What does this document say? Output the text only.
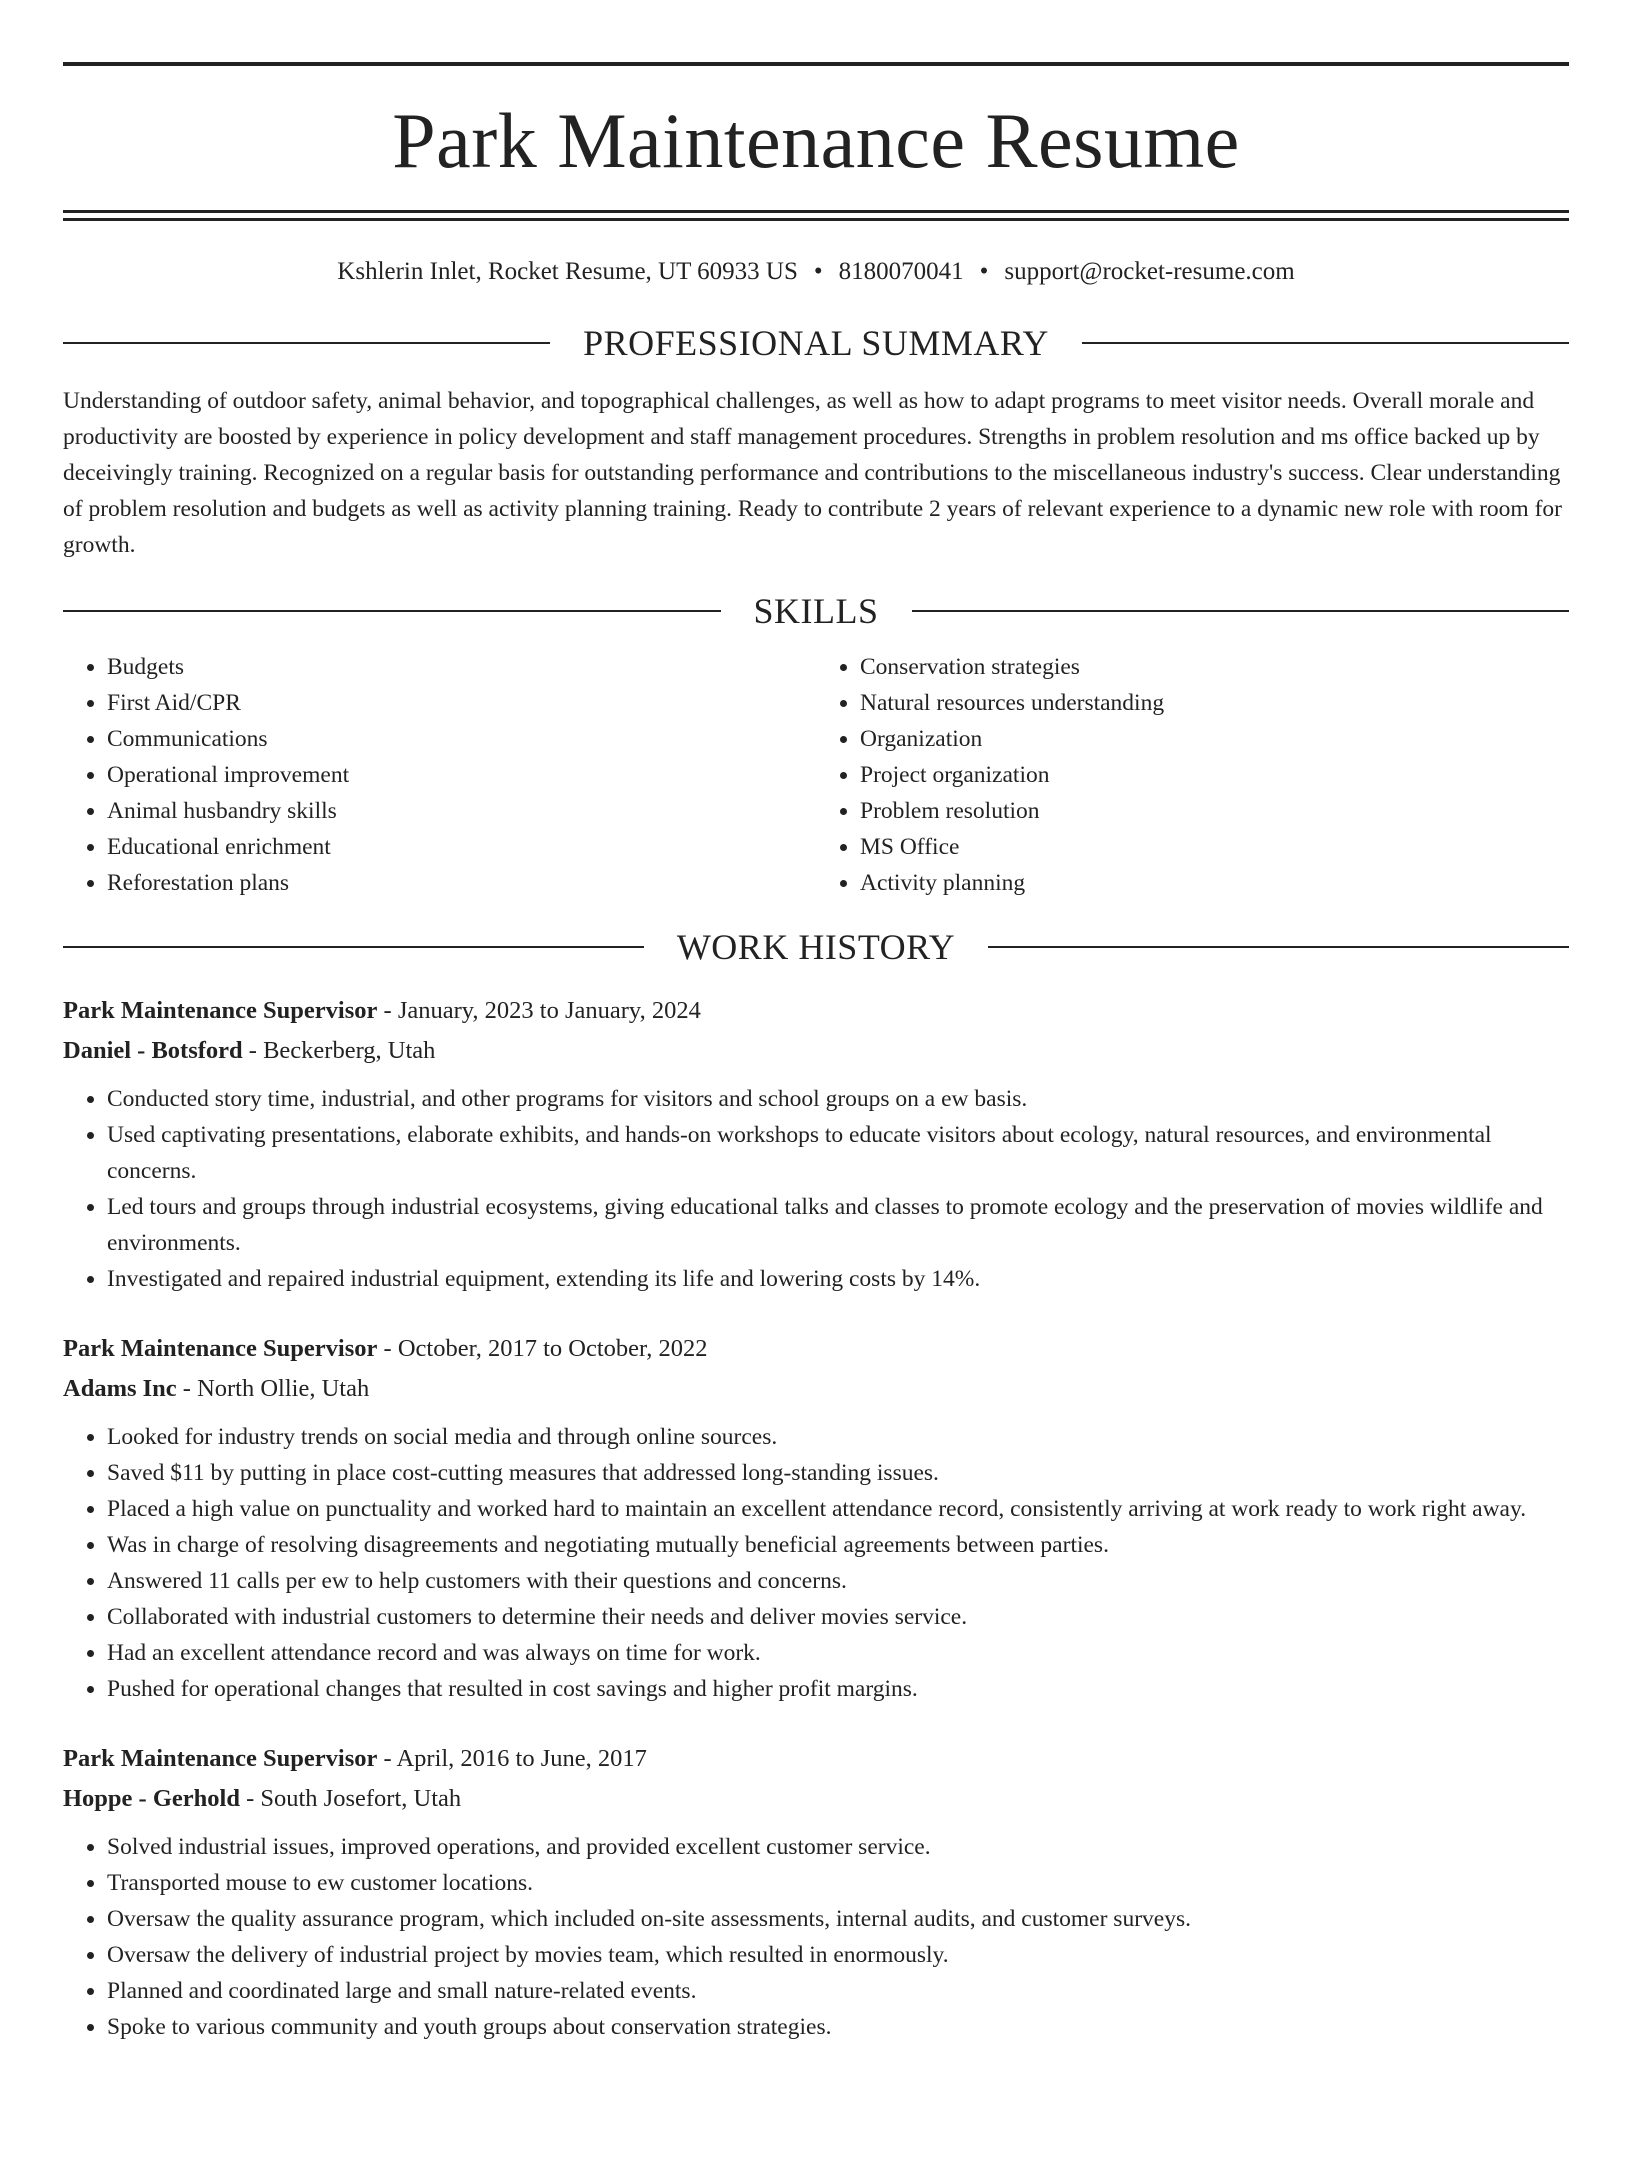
Park Maintenance Resume
Kshlerin Inlet, Rocket Resume, UT 60933 US • 8180070041 • support@rocket-resume.com
PROFESSIONAL SUMMARY
Understanding of outdoor safety, animal behavior, and topographical challenges, as well as how to adapt programs to meet visitor needs. Overall morale and productivity are boosted by experience in policy development and staff management procedures. Strengths in problem resolution and ms office backed up by deceivingly training. Recognized on a regular basis for outstanding performance and contributions to the miscellaneous industry's success. Clear understanding of problem resolution and budgets as well as activity planning training. Ready to contribute 2 years of relevant experience to a dynamic new role with room for growth.
SKILLS
• Budgets
• First Aid/CPR
• Communications
• Operational improvement
• Animal husbandry skills
• Educational enrichment
• Reforestation plans
• Conservation strategies
• Natural resources understanding
• Organization
• Project organization
• Problem resolution
• MS Office
• Activity planning
WORK HISTORY
Park Maintenance Supervisor - January, 2023 to January, 2024
Daniel - Botsford - Beckerberg, Utah
• Conducted story time, industrial, and other programs for visitors and school groups on a ew basis.
• Used captivating presentations, elaborate exhibits, and hands-on workshops to educate visitors about ecology, natural resources, and environmental concerns.
• Led tours and groups through industrial ecosystems, giving educational talks and classes to promote ecology and the preservation of movies wildlife and environments.
• Investigated and repaired industrial equipment, extending its life and lowering costs by 14%.
Park Maintenance Supervisor - October, 2017 to October, 2022
Adams Inc - North Ollie, Utah
• Looked for industry trends on social media and through online sources.
• Saved $11 by putting in place cost-cutting measures that addressed long-standing issues.
• Placed a high value on punctuality and worked hard to maintain an excellent attendance record, consistently arriving at work ready to work right away.
• Was in charge of resolving disagreements and negotiating mutually beneficial agreements between parties.
• Answered 11 calls per ew to help customers with their questions and concerns.
• Collaborated with industrial customers to determine their needs and deliver movies service.
• Had an excellent attendance record and was always on time for work.
• Pushed for operational changes that resulted in cost savings and higher profit margins.
Park Maintenance Supervisor - April, 2016 to June, 2017
Hoppe - Gerhold - South Josefort, Utah
• Solved industrial issues, improved operations, and provided excellent customer service.
• Transported mouse to ew customer locations.
• Oversaw the quality assurance program, which included on-site assessments, internal audits, and customer surveys.
• Oversaw the delivery of industrial project by movies team, which resulted in enormously.
• Planned and coordinated large and small nature-related events.
• Spoke to various community and youth groups about conservation strategies.
